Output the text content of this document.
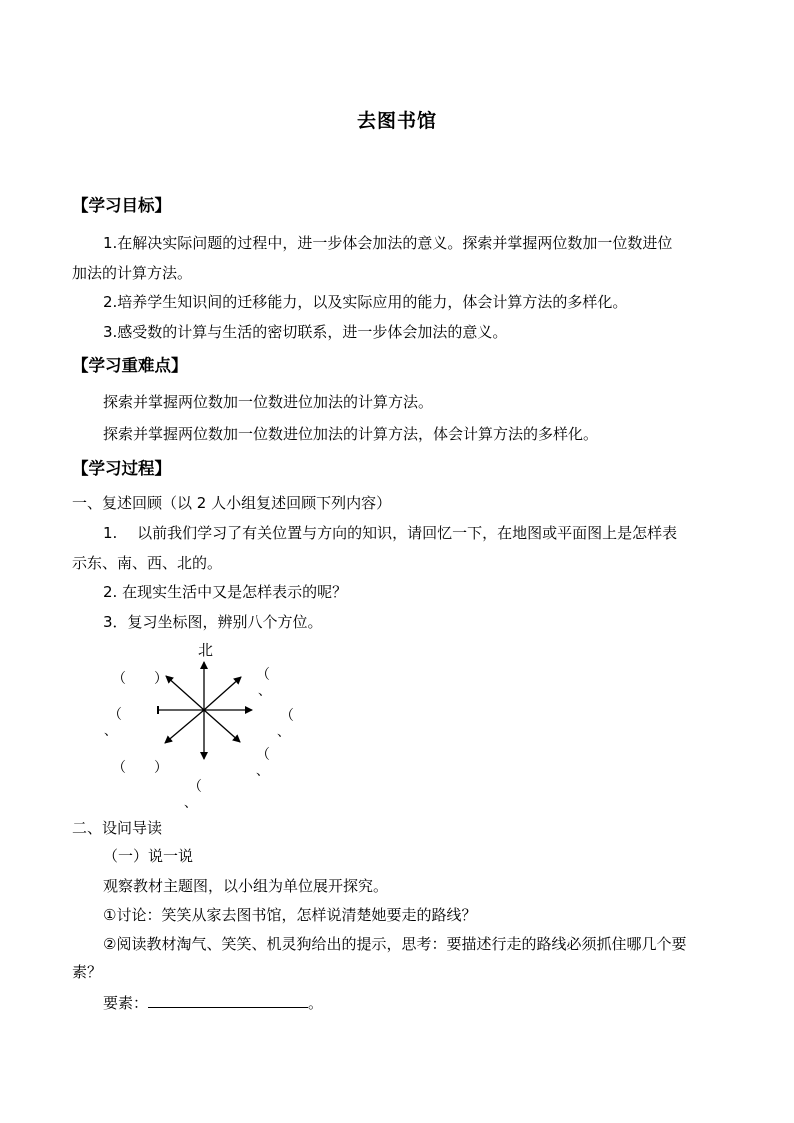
去图书馆
【学习目标】
1.在解决实际问题的过程中，进一步体会加法的意义。探索并掌握两位数加一位数进位
加法的计算方法。
2.培养学生知识间的迁移能力，以及实际应用的能力，体会计算方法的多样化。
3.感受数的计算与生活的密切联系，进一步体会加法的意义。
【学习重难点】
探索并掌握两位数加一位数进位加法的计算方法。
探索并掌握两位数加一位数进位加法的计算方法，体会计算方法的多样化。
【学习过程】
一、复述回顾（以 2 人小组复述回顾下列内容）
1.　 以前我们学习了有关位置与方向的知识，请回忆一下，在地图或平面图上是怎样表
示东、南、西、北的。
2. 在现实生活中又是怎样表示的呢？
3．复习坐标图，辨别八个方位。
北
（　　）	（
、
（
、
（
、
（
、
（　　）
（
、
二、设问导读
（一）说一说
观察教材主题图，以小组为单位展开探究。
①讨论：笑笑从家去图书馆，怎样说清楚她要走的路线？
②阅读教材淘气、笑笑、机灵狗给出的提示，思考：要描述行走的路线必须抓住哪几个要
素？
要素：	。
